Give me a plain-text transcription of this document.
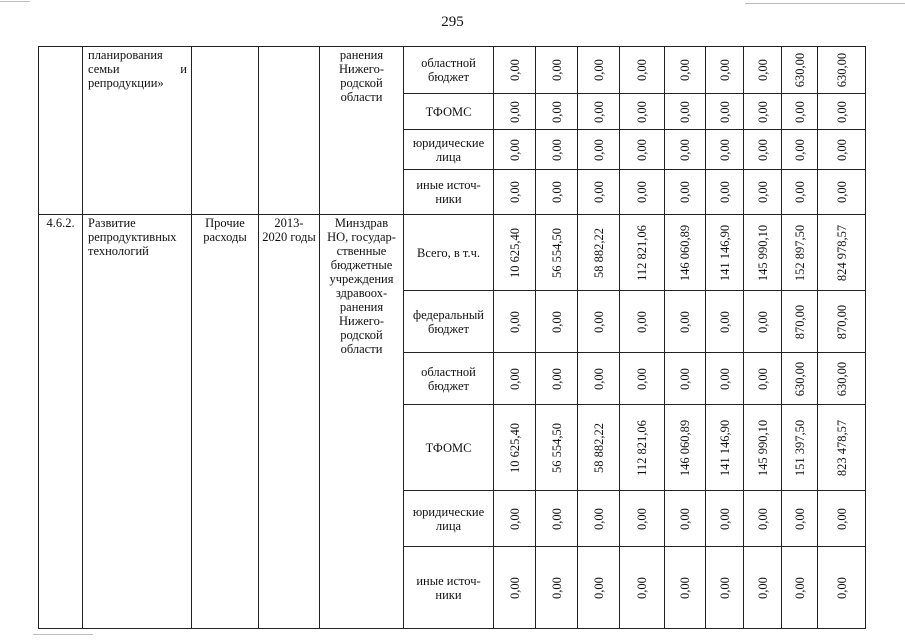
295

	планирования
семьи и
репродукции»			ранения Нижего-родской области	областной бюджет	0,00	0,00	0,00	0,00	0,00	0,00	0,00	630,00	630,00

					ТФОМС	0,00	0,00	0,00	0,00	0,00	0,00	0,00	0,00	0,00

					юридические лица	0,00	0,00	0,00	0,00	0,00	0,00	0,00	0,00	0,00

					иные источ-ники	0,00	0,00	0,00	0,00	0,00	0,00	0,00	0,00	0,00

4.6.2.	Развитие репродуктивных технологий	Прочие расходы	2013-2020 годы	Минздрав НО, государ-ственные бюджетные учреждения здравоох-ранения Нижего-родской области	Всего, в т.ч.	10 625,40	56 554,50	58 882,22	112 821,06	146 060,89	141 146,90	145 990,10	152 897,50	824 978,57

					федеральный бюджет	0,00	0,00	0,00	0,00	0,00	0,00	0,00	870,00	870,00

					областной бюджет	0,00	0,00	0,00	0,00	0,00	0,00	0,00	630,00	630,00

					ТФОМС	10 625,40	56 554,50	58 882,22	112 821,06	146 060,89	141 146,90	145 990,10	151 397,50	823 478,57

					юридические лица	0,00	0,00	0,00	0,00	0,00	0,00	0,00	0,00	0,00

					иные источ-ники	0,00	0,00	0,00	0,00	0,00	0,00	0,00	0,00	0,00
